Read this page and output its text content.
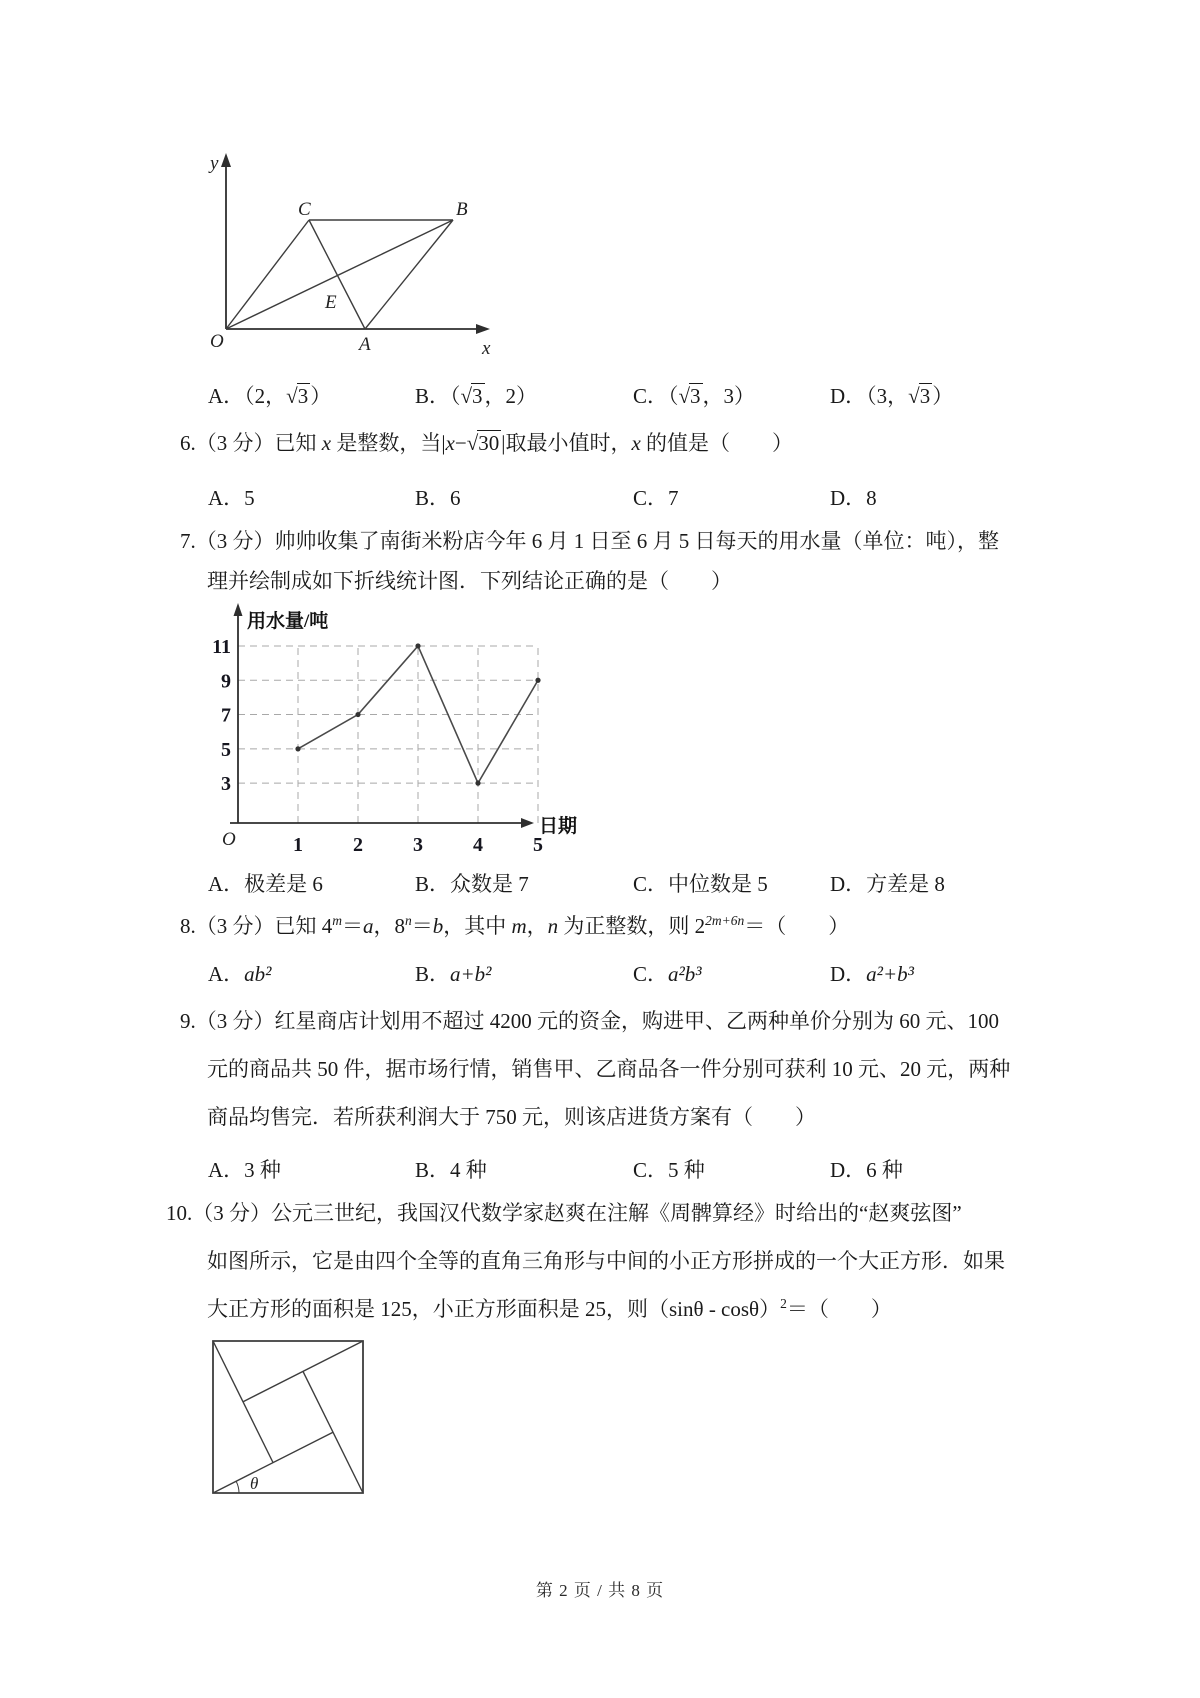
y
x
O	A
C	B
E
A．（2，√3）	B．（√3，2）	C．（√3，3）	D．（3，√3）
6.（3 分）已知 x 是整数，当|x−√30|取最小值时，x 的值是（　　）
A．5	B．6	C．7	D．8
7.（3 分）帅帅收集了南街米粉店今年 6 月 1 日至 6 月 5 日每天的用水量（单位：吨），整
理并绘制成如下折线统计图．下列结论正确的是（　　）
3
5
7
9
11
1	2	3	4	5
用水量/吨
日期
O
A．极差是 6	B．众数是 7	C．中位数是 5	D．方差是 8
8.（3 分）已知 $4^m=a$，$8^n=b$，其中 m，n 为正整数，则 $2^{2m+6n}=$（　　）
A．ab²	B．a+b²	C．a²b³	D．a²+b³
9.（3 分）红星商店计划用不超过 4200 元的资金，购进甲、乙两种单价分别为 60 元、100
元的商品共 50 件，据市场行情，销售甲、乙商品各一件分别可获利 10 元、20 元，两种
商品均售完．若所获利润大于 750 元，则该店进货方案有（　　）
A．3 种	B．4 种	C．5 种	D．6 种
10.（3 分）公元三世纪，我国汉代数学家赵爽在注解《周髀算经》时给出的“赵爽弦图”
如图所示，它是由四个全等的直角三角形与中间的小正方形拼成的一个大正方形．如果
大正方形的面积是 125，小正方形面积是 25，则（sinθ - cosθ）$^2$＝（　　）
θ
第 2 页 / 共 8 页
